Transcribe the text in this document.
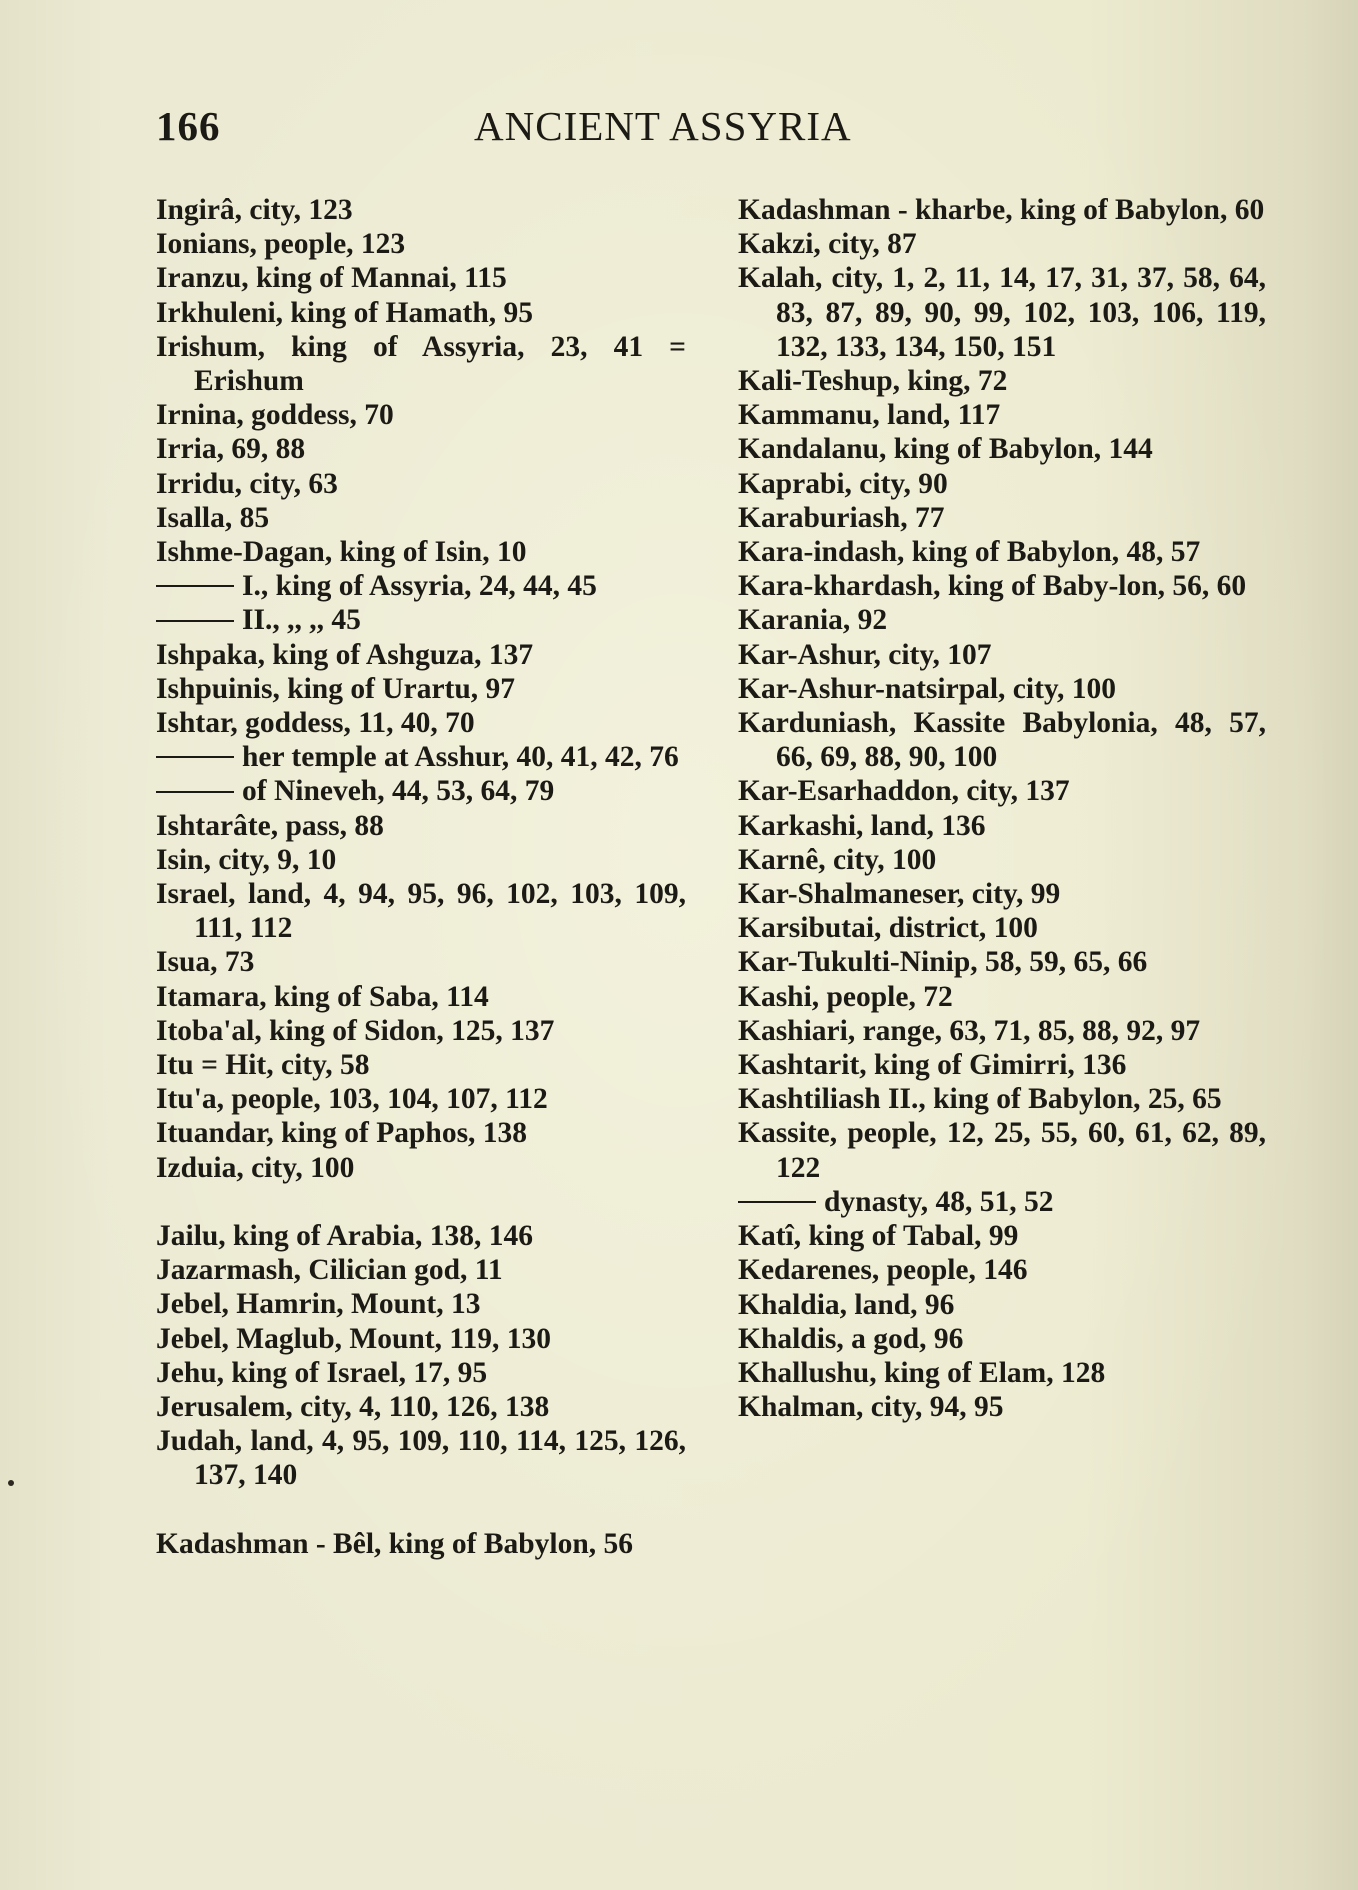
166	ANCIENT ASSYRIA
Ingirâ, city, 123
Ionians, people, 123
Iranzu, king of Mannai, 115
Irkhuleni, king of Hamath, 95
Irishum, king of Assyria, 23, 41 = Erishum
Irnina, goddess, 70
Irria, 69, 88
Irridu, city, 63
Isalla, 85
Ishme-Dagan, king of Isin, 10
I., king of Assyria, 24, 44, 45
II., ,, ,, 45
Ishpaka, king of Ashguza, 137
Ishpuinis, king of Urartu, 97
Ishtar, goddess, 11, 40, 70
her temple at Asshur, 40, 41, 42, 76
of Nineveh, 44, 53, 64, 79
Ishtarâte, pass, 88
Isin, city, 9, 10
Israel, land, 4, 94, 95, 96, 102, 103, 109, 111, 112
Isua, 73
Itamara, king of Saba, 114
Itoba'al, king of Sidon, 125, 137
Itu = Hit, city, 58
Itu'a, people, 103, 104, 107, 112
Ituandar, king of Paphos, 138
Izduia, city, 100
Jailu, king of Arabia, 138, 146
Jazarmash, Cilician god, 11
Jebel, Hamrin, Mount, 13
Jebel, Maglub, Mount, 119, 130
Jehu, king of Israel, 17, 95
Jerusalem, city, 4, 110, 126, 138
Judah, land, 4, 95, 109, 110, 114, 125, 126, 137, 140
Kadashman - Bêl, king of Babylon, 56
Kadashman - kharbe, king of Babylon, 60
Kakzi, city, 87
Kalah, city, 1, 2, 11, 14, 17, 31, 37, 58, 64, 83, 87, 89, 90, 99, 102, 103, 106, 119, 132, 133, 134, 150, 151
Kali-Teshup, king, 72
Kammanu, land, 117
Kandalanu, king of Babylon, 144
Kaprabi, city, 90
Karaburiash, 77
Kara-indash, king of Babylon, 48, 57
Kara-khardash, king of Baby-lon, 56, 60
Karania, 92
Kar-Ashur, city, 107
Kar-Ashur-natsirpal, city, 100
Karduniash, Kassite Babylonia, 48, 57, 66, 69, 88, 90, 100
Kar-Esarhaddon, city, 137
Karkashi, land, 136
Karnê, city, 100
Kar-Shalmaneser, city, 99
Karsibutai, district, 100
Kar-Tukulti-Ninip, 58, 59, 65, 66
Kashi, people, 72
Kashiari, range, 63, 71, 85, 88, 92, 97
Kashtarit, king of Gimirri, 136
Kashtiliash II., king of Babylon, 25, 65
Kassite, people, 12, 25, 55, 60, 61, 62, 89, 122
dynasty, 48, 51, 52
Katî, king of Tabal, 99
Kedarenes, people, 146
Khaldia, land, 96
Khaldis, a god, 96
Khallushu, king of Elam, 128
Khalman, city, 94, 95
